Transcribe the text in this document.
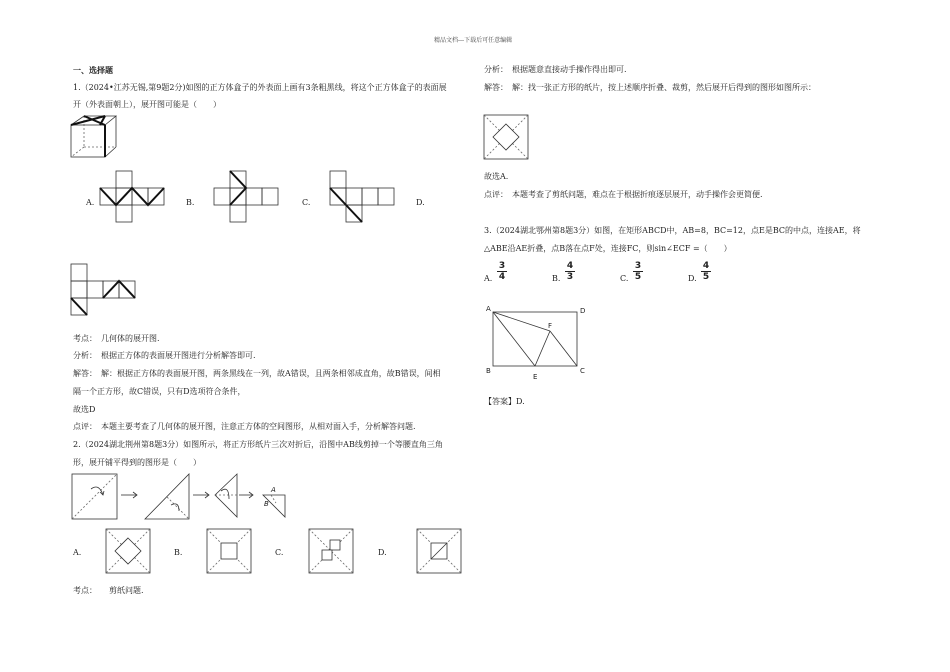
精品文档---下载后可任意编辑
一、选择题
1.（2024•江苏无锡,第9题2分)如图的正方体盒子的外表面上画有3条粗黑线，将这个正方体盒子的表面展
开（外表面朝上），展开图可能是（　　）
A.	B.	C.	D.
考点：　几何体的展开图.
分析：　根据正方体的表面展开图进行分析解答即可.
解答：　解：根据正方体的表面展开图，两条黑线在一列，故A错误，且两条相邻成直角，故B错误，间相
隔一个正方形，故C错误，只有D选项符合条件，
故选D
点评：　本题主要考查了几何体的展开图，注意正方体的空间图形，从相对面入手，分析解答问题.
2.（2024湖北荆州第8题3分）如图所示，将正方形纸片三次对折后，沿图中AB线剪掉一个等腰直角三角
形，展开铺平得到的图形是（　　）
A
B
A.	B.	C.	D.
考点：　　剪纸问题.
分析：　根据题意直接动手操作得出即可.
解答：　解：找一张正方形的纸片，按上述顺序折叠、裁剪，然后展开后得到的图形如图所示：
故选A.
点评：　本题考查了剪纸问题，难点在于根据折痕逐层展开，动手操作会更简便.
3.（2024湖北鄂州第8题3分）如图，在矩形ABCD中，AB=8，BC=12，点E是BC的中点，连接AE，将
△ABE沿AE折叠，点B落在点F处，连接FC，则sin∠ECF =（　　）
A. $\frac{3}{4}$	B. $\frac{4}{3}$	C. $\frac{3}{5}$	D. $\frac{4}{5}$
A	D
F
B
E
C
【答案】D.
